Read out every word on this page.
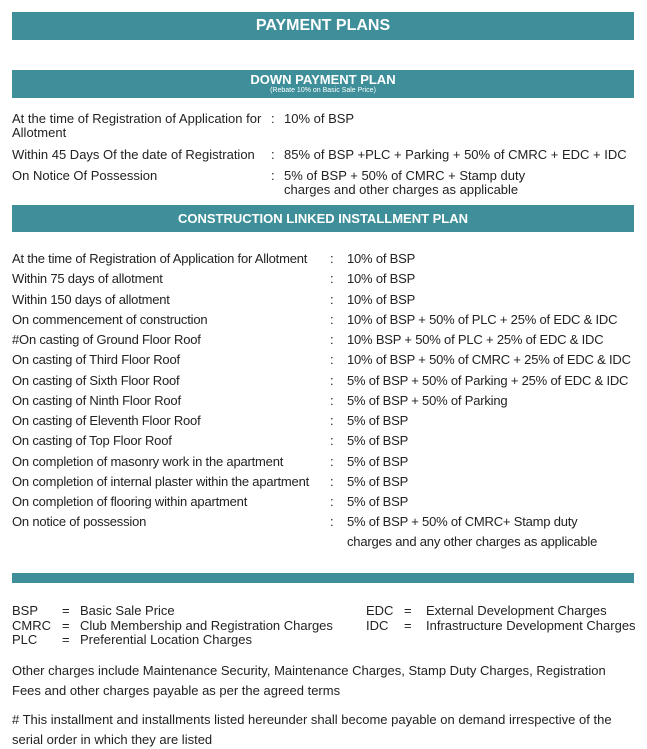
PAYMENT PLANS
DOWN PAYMENT PLAN
(Rebate 10% on Basic Sale Price)
CONSTRUCTION LINKED INSTALLMENT PLAN
Other charges include Maintenance Security, Maintenance Charges, Stamp Duty Charges, Registration
Fees and other charges payable as per the agreed terms
# This installment and installments listed hereunder shall become payable on demand irrespective of the
serial order in which they are listed
At the time of Registration of Application for
Allotment
: 10% of BSP
Within 45 Days Of the date of Registration : 85% of BSP +PLC + Parking + 50% of CMRC + EDC + IDC
On Notice Of Possession	: 5% of BSP + 50% of CMRC + Stamp duty
charges and other charges as applicable
At the time of Registration of Application for Allotment : 10% of BSP
Within 75 days of allotment	: 10% of BSP
Within 150 days of allotment	: 10% of BSP
On commencement of construction	: 10% of BSP + 50% of PLC + 25% of EDC & IDC
#On casting of Ground Floor Roof	: 10% BSP + 50% of PLC + 25% of EDC & IDC
On casting of Third Floor Roof	: 10% of BSP + 50% of CMRC + 25% of EDC & IDC
On casting of Sixth Floor Roof	: 5% of BSP + 50% of Parking + 25% of EDC & IDC
On casting of Ninth Floor Roof	: 5% of BSP + 50% of Parking
On casting of Eleventh Floor Roof	: 5% of BSP
On casting of Top Floor Roof	: 5% of BSP
On completion of masonry work in the apartment	: 5% of BSP
On completion of internal plaster within the apartment : 5% of BSP
On completion of flooring within apartment	: 5% of BSP
On notice of possession	: 5% of BSP + 50% of CMRC+ Stamp duty
charges and any other charges as applicable
BSP = Basic Sale Price
CMRC = Club Membership and Registration Charges
PLC = Preferential Location Charges
EDC = External Development Charges
IDC = Infrastructure Development Charges
